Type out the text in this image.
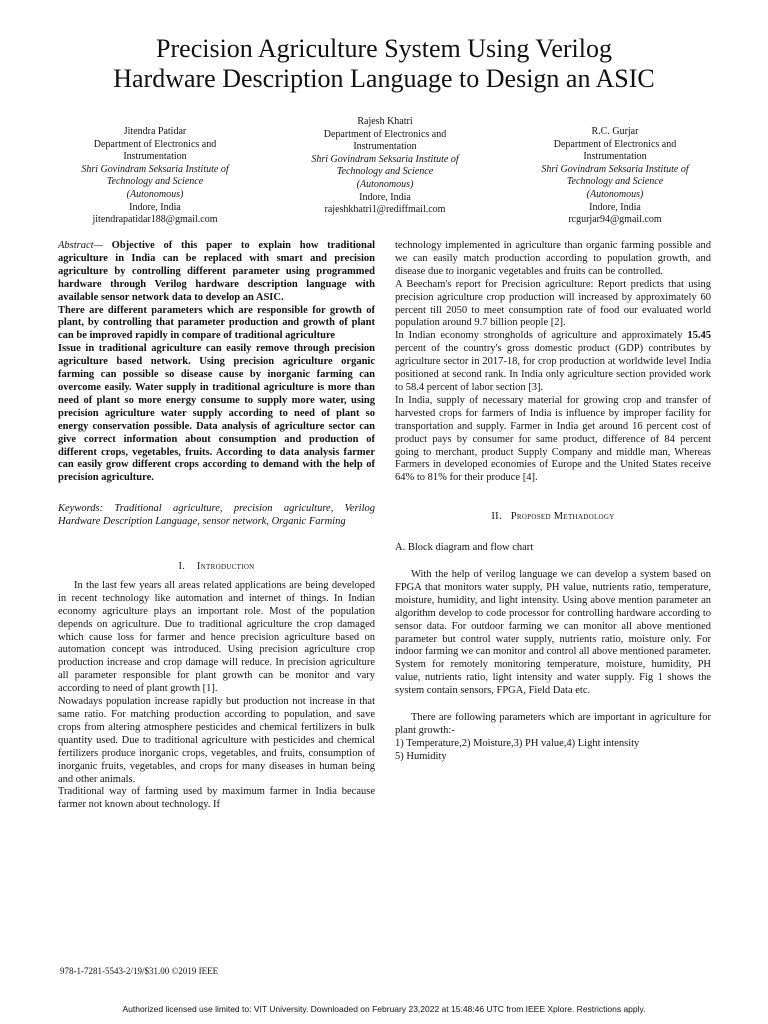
Precision Agriculture System Using Verilog
Hardware Description Language to Design an ASIC
Jitendra Patidar
Department of Electronics and
Instrumentation
Shri Govindram Seksaria Institute of
Technology and Science
(Autonomous)
Indore, India
jitendrapatidar188@gmail.com
Rajesh Khatri
Department of Electronics and
Instrumentation
Shri Govindram Seksaria Institute of
Technology and Science
(Autonomous)
Indore, India
rajeshkhatri1@rediffmail.com
R.C. Gurjar
Department of Electronics and
Instrumentation
Shri Govindram Seksaria Institute of
Technology and Science
(Autonomous)
Indore, India
rcgurjar94@gmail.com

Abstract— Objective of this paper to explain how traditional agriculture in India can be replaced with smart and precision agriculture by controlling different parameter using programmed hardware through Verilog hardware description language with available sensor network data to develop an ASIC.

There are different parameters which are responsible for growth of plant, by controlling that parameter production and growth of plant can be improved rapidly in compare of traditional agriculture

Issue in traditional agriculture can easily remove through precision agriculture based network. Using precision agriculture organic farming can possible so disease cause by inorganic farming can overcome easily. Water supply in traditional agriculture is more than need of plant so more energy consume to supply more water, using precision agriculture water supply according to need of plant so energy conservation possible. Data analysis of agriculture sector can give correct information about consumption and production of different crops, vegetables, fruits. According to data analysis farmer can easily grow different crops according to demand with the help of precision agriculture.

Keywords: Traditional agriculture, precision agriculture, Verilog Hardware Description Language, sensor network, Organic Farming

I. Introduction

In the last few years all areas related applications are being developed in recent technology like automation and internet of things. In Indian economy agriculture plays an important role. Most of the population depends on agriculture. Due to traditional agriculture the crop damaged which cause loss for farmer and hence precision agriculture based on automation concept was introduced. Using precision agriculture crop production increase and crop damage will reduce. In precision agriculture all parameter responsible for plant growth can be monitor and vary according to need of plant growth [1].

Nowadays population increase rapidly but production not increase in that same ratio. For matching production according to population, and save crops from altering atmosphere pesticides and chemical fertilizers in bulk quantity used. Due to traditional agriculture with pesticides and chemical fertilizers produce inorganic crops, vegetables, and fruits, consumption of inorganic fruits, vegetables, and crops for many diseases in human being and other animals.

Traditional way of farming used by maximum farmer in India because farmer not known about technology. If

technology implemented in agriculture than organic farming possible and we can easily match production according to population growth, and disease due to inorganic vegetables and fruits can be controlled.

A Beecham's report for Precision agriculture: Report predicts that using precision agriculture crop production will increased by approximately 60 percent till 2050 to meet consumption rate of food our evaluated world population around 9.7 billion people [2].

In Indian economy strongholds of agriculture and approximately 15.45 percent of the country's gross domestic product (GDP) contributes by agriculture sector in 2017-18, for crop production at worldwide level India positioned at second rank. In India only agriculture section provided work to 58.4 percent of labor section [3].

In India, supply of necessary material for growing crop and transfer of harvested crops for farmers of India is influence by improper facility for transportation and supply. Farmer in India get around 16 percent cost of product pays by consumer for same product, difference of 84 percent going to merchant, product Supply Company and middle man, Whereas Farmers in developed economies of Europe and the United States receive 64% to 81% for their produce [4].

II. Proposed Methadology

A. Block diagram and flow chart

With the help of verilog language we can develop a system based on FPGA that monitors water supply, PH value, nutrients ratio, temperature, moisture, humidity, and light intensity. Using above mention parameter an algorithm develop to code processor for controlling hardware according to sensor data. For outdoor farming we can monitor all above mentioned parameter but control water supply, nutrients ratio, moisture only. For indoor farming we can monitor and control all above mentioned parameter.

System for remotely monitoring temperature, moisture, humidity, PH value, nutrients ratio, light intensity and water supply. Fig 1 shows the system contain sensors, FPGA, Field Data etc.

There are following parameters which are important in agriculture for plant growth:-

1) Temperature,2) Moisture,3) PH value,4) Light intensity

5) Humidity

978-1-7281-5543-2/19/$31.00 ©2019 IEEE
Authorized licensed use limited to: VIT University. Downloaded on February 23,2022 at 15:48:46 UTC from IEEE Xplore. Restrictions apply.
